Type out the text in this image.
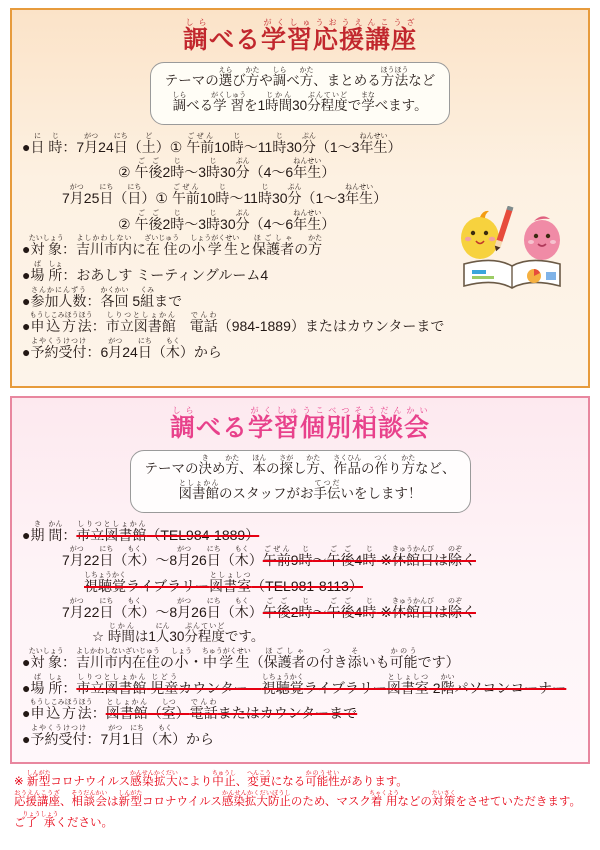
調しらべる学習応援講座がくしゅうおうえんこうざ
テーマの選えらび方かたや調しらべ方かた、まとめる方法ほうほうなど
調しらべる学習がくしゅうを1時間じかん30分程度ぶんていどで学まなべます。
●日に 時じ：7月がつ24日にち（土ど）① 午前ごぜん10時じ～11時じ30分ぷん（1～3年生ねんせい）
② 午後ごご2時じ～3時じ30分ぷん（4～6年生ねんせい）
7月がつ25日にち（日にち）① 午前ごぜん10時じ～11時じ30分ぷん（1～3年生ねんせい）
② 午後ごご2時じ～3時じ30分ぷん（4～6年生ねんせい）
●対象たいしょう：吉川市内よしかわしないに在住ざいじゅうの小学生しょうがくせいと保護者ほごしゃの方かた
●場ば 所しょ：おあしす ミーティングルーム4
●参加人数さんかにんずう：各回かくかい 5組くみまで
●申込方法もうしこみほうほう：市立図書館しりつとしょかん　電話でんわ（984-1889）またはカウンターまで
●予約受付よやくうけつけ：6月がつ24日にち（木もく）から
調しらべる学習個別相談会がくしゅうこべつそうだんかい
テーマの決きめ方かた、本ほんの探さがし方かた、作品さくひんの作つくり方かたなど、
図書館としょかんのスタッフがお手伝てつだいをします！
●期き 間かん：市立図書館しりつとしょかん（TEL984-1889）
7月がつ22日にち（木もく）～8月がつ26日にち（木もく）午前ごぜん9時じ～午後ごご4時じ ※休館日きゅうかんびは除のぞく
視聴覚しちょうかくライブラリー図書室としょしつ（TEL981-8113）
7月がつ22日にち（木もく）～8月がつ26日にち（木もく）午後ごご2時じ～午後ごご4時じ ※休館日きゅうかんびは除のぞく
☆ 時間じかんは1人にん30分程度ぷんていどです。
●対象たいしょう：吉川市内在住よしかわしないざいじゅうの小しょう・中学生ちゅうがくせい（保護者ほごしゃの付つき添そいも可能かのうです）
●場ば 所しょ：市立図書館しりつとしょかん 児童じどうカウンター　視聴覚しちょうかくライブラリー図書室としょしつ 2階かいパソコンコーナー
●申込方法もうしこみほうほう：図書館としょかん（室しつ）電話でんわまたはカウンターまで
●予約受付よやくうけつけ：7月がつ1日にち（木もく）から
※ 新型しんがたコロナウイルス感染拡大かんせんかくだいにより中止ちゅうし、変更へんこうになる可能性かのうせいがあります。
応援講座おうえんこうざ、相談会そうだんかいは新型しんがたコロナウイルス感染拡大防止かんせんかくだいぼうしのため、マスク着用ちゃくようなどの対策たいさくをさせていただきます。
ご了承りょうしょうください。
